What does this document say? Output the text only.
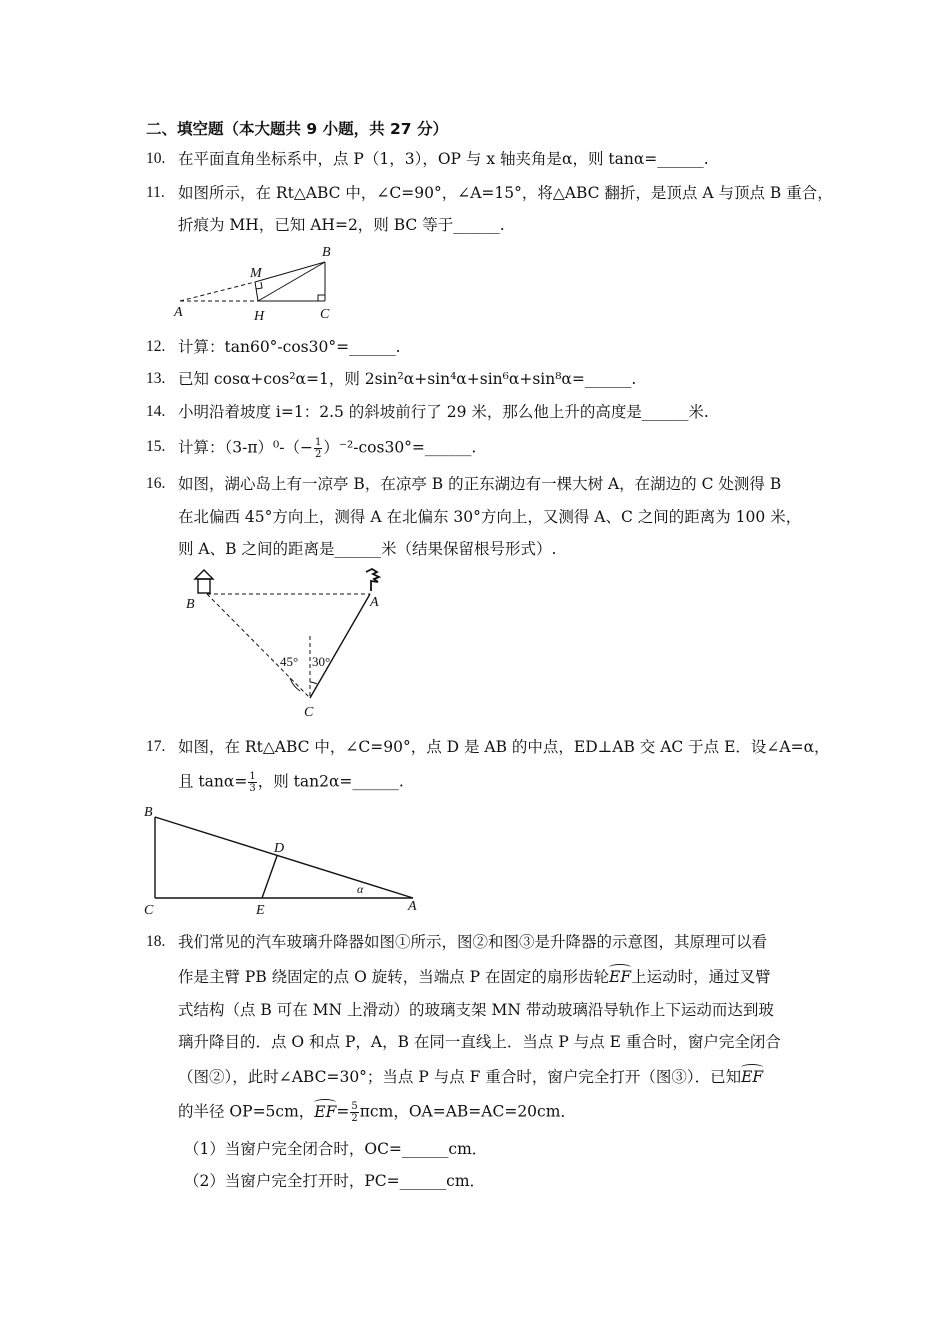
二、填空题（本大题共 9 小题，共 27 分）
10. 在平面直角坐标系中，点 P（1，3），OP 与 x 轴夹角是α，则 tanα=______.
11. 如图所示，在 Rt△ABC 中，∠C=90°，∠A=15°，将△ABC 翻折，是顶点 A 与顶点 B 重合，
折痕为 MH，已知 AH=2，则 BC 等于______.
A	H	C
M
B
12. 计算：tan60°-cos30°=______.
13. 已知 cosα+cos²α=1，则 2sin²α+sin⁴α+sin⁶α+sin⁸α=______.
14. 小明沿着坡度 i=1：2.5 的斜坡前行了 29 米，那么他上升的高度是______米.
15. 计算：$(3-\pi)^0-(- \frac{1}{2}$ ）⁻²-cos30°=______.
16. 如图，湖心岛上有一凉亭 B，在凉亭 B 的正东湖边有一棵大树 A，在湖边的 C 处测得 B
在北偏西 45°方向上，测得 A 在北偏东 30°方向上，又测得 A、C 之间的距离为 100 米，
则 A、B 之间的距离是______米（结果保留根号形式）.
B	A
C
45° 30°
17. 如图，在 Rt△ABC 中，∠C=90°，点 D 是 AB 的中点，ED⊥AB 交 AC 于点 E．设∠A=α，
且 $\tan\alpha= \frac{1}{3}$ ，则 tan2α=______.
B
D
C	E	A
α
18. 我们常见的汽车玻璃升降器如图①所示，图②和图③是升降器的示意图，其原理可以看
作是主臂 PB 绕固定的点 O 旋转，当端点 P 在固定的扇形齿轮EF上运动时，通过叉臂
式结构（点 B 可在 MN 上滑动）的玻璃支架 MN 带动玻璃沿导轨作上下运动而达到玻
璃升降目的．点 O 和点 P，A，B 在同一直线上．当点 P 与点 E 重合时，窗户完全闭合
（图②），此时∠ABC=30°；当点 P 与点 F 重合时，窗户完全打开（图③）．已知EF
的半径 OP=5cm，$EF= \frac{5}{2}$ πcm，OA=AB=AC=20cm．
（1）当窗户完全闭合时，OC=______cm．
（2）当窗户完全打开时，PC=______cm．
